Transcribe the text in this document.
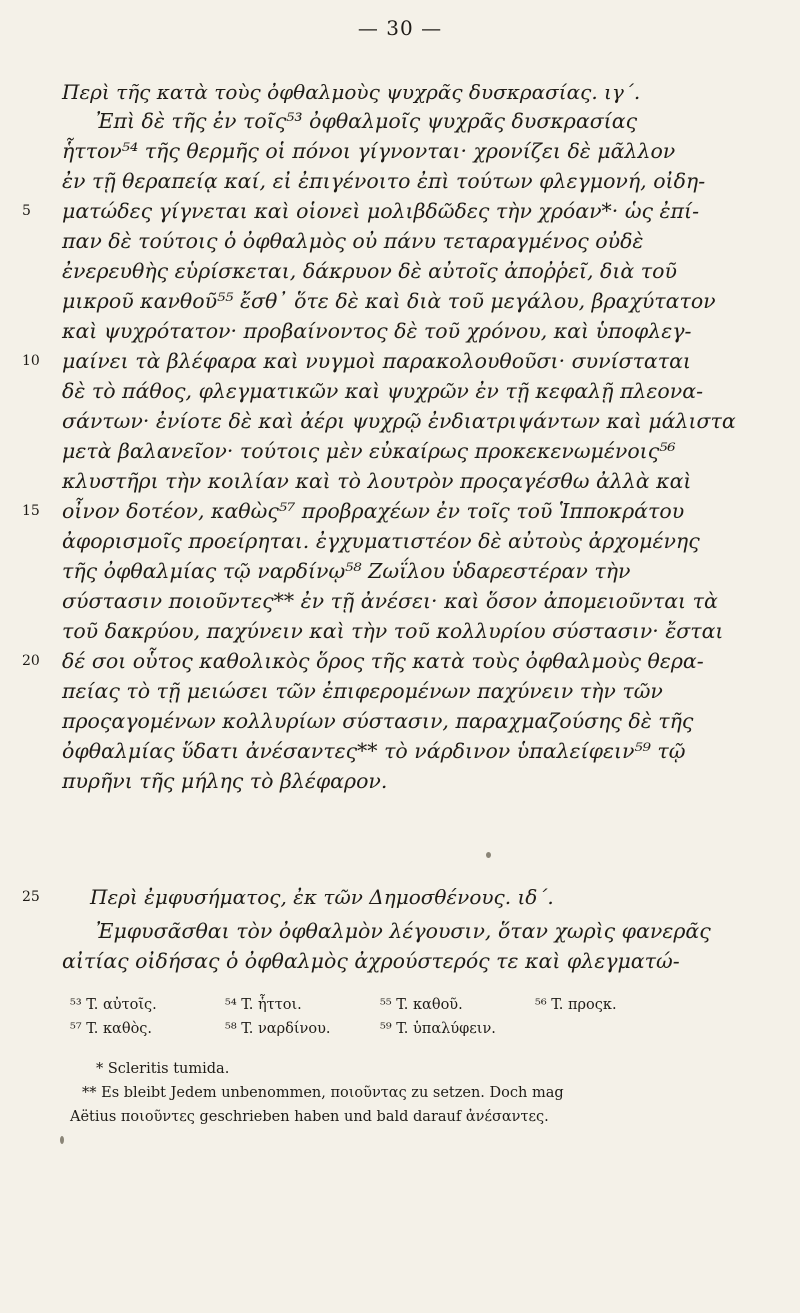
— 30 —
Περὶ τῆς κατὰ τοὺς ὀφθαλμοὺς ψυχρᾶς δυσκρασίας. ιγ΄.
Ἐπὶ δὲ τῆς ἐν τοῖς⁵³ ὀφθαλμοῖς ψυχρᾶς δυσκρασίας
ἧττον⁵⁴ τῆς θερμῆς οἱ πόνοι γίγνονται· χρονίζει δὲ μᾶλλον
ἐν τῇ θεραπείᾳ καί, εἰ ἐπιγένοιτο ἐπὶ τούτων φλεγμονή, οἰδη-
5	ματώδες γίγνεται καὶ οἱονεὶ μολιβδῶδες τὴν χρόαν*· ὡς ἐπί-
παν δὲ τούτοις ὁ ὀφθαλμὸς οὐ πάνυ τεταραγμένος οὐδὲ
ἐνερευθὴς εὑρίσκεται, δάκρυον δὲ αὐτοῖς ἀποῤῥεῖ, διὰ τοῦ
μικροῦ κανθοῦ⁵⁵ ἔσθ᾽ ὅτε δὲ καὶ διὰ τοῦ μεγάλου, βραχύτατον
καὶ ψυχρότατον· προβαίνοντος δὲ τοῦ χρόνου, καὶ ὑποφλεγ-
10	μαίνει τὰ βλέφαρα καὶ νυγμοὶ παρακολουθοῦσι· συνίσταται
δὲ τὸ πάθος, φλεγματικῶν καὶ ψυχρῶν ἐν τῇ κεφαλῇ πλεονα-
σάντων· ἐνίοτε δὲ καὶ ἀέρι ψυχρῷ ἐνδιατριψάντων καὶ μάλιστα
μετὰ βαλανεῖον· τούτοις μὲν εὐκαίρως προκεκενωμένοις⁵⁶
κλυστῆρι τὴν κοιλίαν καὶ τὸ λουτρὸν προςαγέσθω ἀλλὰ καὶ
15	οἶνον δοτέον, καθὼς⁵⁷ προβραχέων ἐν τοῖς τοῦ Ἱπποκράτου
ἀφορισμοῖς προείρηται. ἐγχυματιστέον δὲ αὐτοὺς ἀρχομένης
τῆς ὀφθαλμίας τῷ ναρδίνῳ⁵⁸ Ζωΐλου ὑδαρεστέραν τὴν
σύστασιν ποιοῦντες** ἐν τῇ ἀνέσει· καὶ ὅσον ἀπομειοῦνται τὰ
τοῦ δακρύου, παχύνειν καὶ τὴν τοῦ κολλυρίου σύστασιν· ἔσται
20	δέ σοι οὗτος καθολικὸς ὅρος τῆς κατὰ τοὺς ὀφθαλμοὺς θερα-
πείας τὸ τῇ μειώσει τῶν ἐπιφερομένων παχύνειν τὴν τῶν
προςαγομένων κολλυρίων σύστασιν, παραχμαζούσης δὲ τῆς
ὀφθαλμίας ὕδατι ἀνέσαντες** τὸ νάρδινον ὑπαλείφειν⁵⁹ τῷ
πυρῆνι τῆς μήλης τὸ βλέφαρον.
25	Περὶ ἐμφυσήματος, ἐκ τῶν Δημοσθένους. ιδ΄.
Ἐμφυσᾶσθαι τὸν ὀφθαλμὸν λέγουσιν, ὅταν χωρὶς φανερᾶς
αἰτίας οἰδήσας ὁ ὀφθαλμὸς ἀχρούστερός τε καὶ φλεγματώ-
⁵³ T. αὐτοῖς.	⁵⁴ T. ἧττοι.	⁵⁵ T. καθοῦ.	⁵⁶ T. προςκ.
⁵⁷ T. καθὸς.	⁵⁸ T. ναρδίνου.	⁵⁹ T. ὑπαλύφειν.
* Scleritis tumida.
** Es bleibt Jedem unbenommen, ποιοῦντας zu setzen. Doch mag
Aëtius ποιοῦντες geschrieben haben und bald darauf ἀνέσαντες.
